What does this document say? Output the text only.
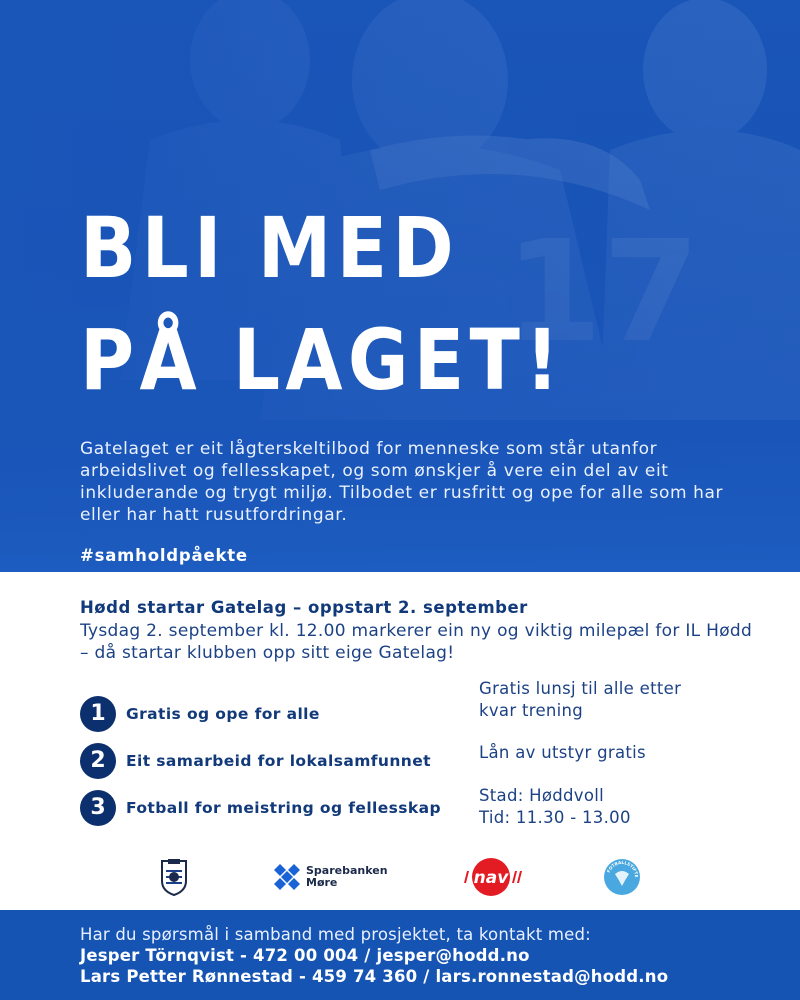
BLI MED
PÅ LAGET!

Gatelaget er eit lågterskeltilbod for menneske som står utanfor arbeidslivet og fellesskapet, og som ønskjer å vere ein del av eit inkluderande og trygt miljø. Tilbodet er rusfritt og ope for alle som har eller har hatt rusutfordringar.

#samholdpåekte

Hødd startar Gatelag – oppstart 2. september

Tysdag 2. september kl. 12.00 markerer ein ny og viktig milepæl for IL Hødd – då startar klubben opp sitt eige Gatelag!

1	Gratis og ope for alle
2	Eit samarbeid for lokalsamfunnet
3	Fotball for meistring og fellesskap
Gratis lunsj til alle etter
kvar trening
Lån av utstyr gratis
Stad: Høddvoll
Tid: 11.30 - 13.00
Sparebanken
Møre	nav	FOTBALLSTIFTE
Har du spørsmål i samband med prosjektet, ta kontakt med:
Jesper Törnqvist - 472 00 004 / jesper@hodd.no
Lars Petter Rønnestad - 459 74 360 / lars.ronnestad@hodd.no
